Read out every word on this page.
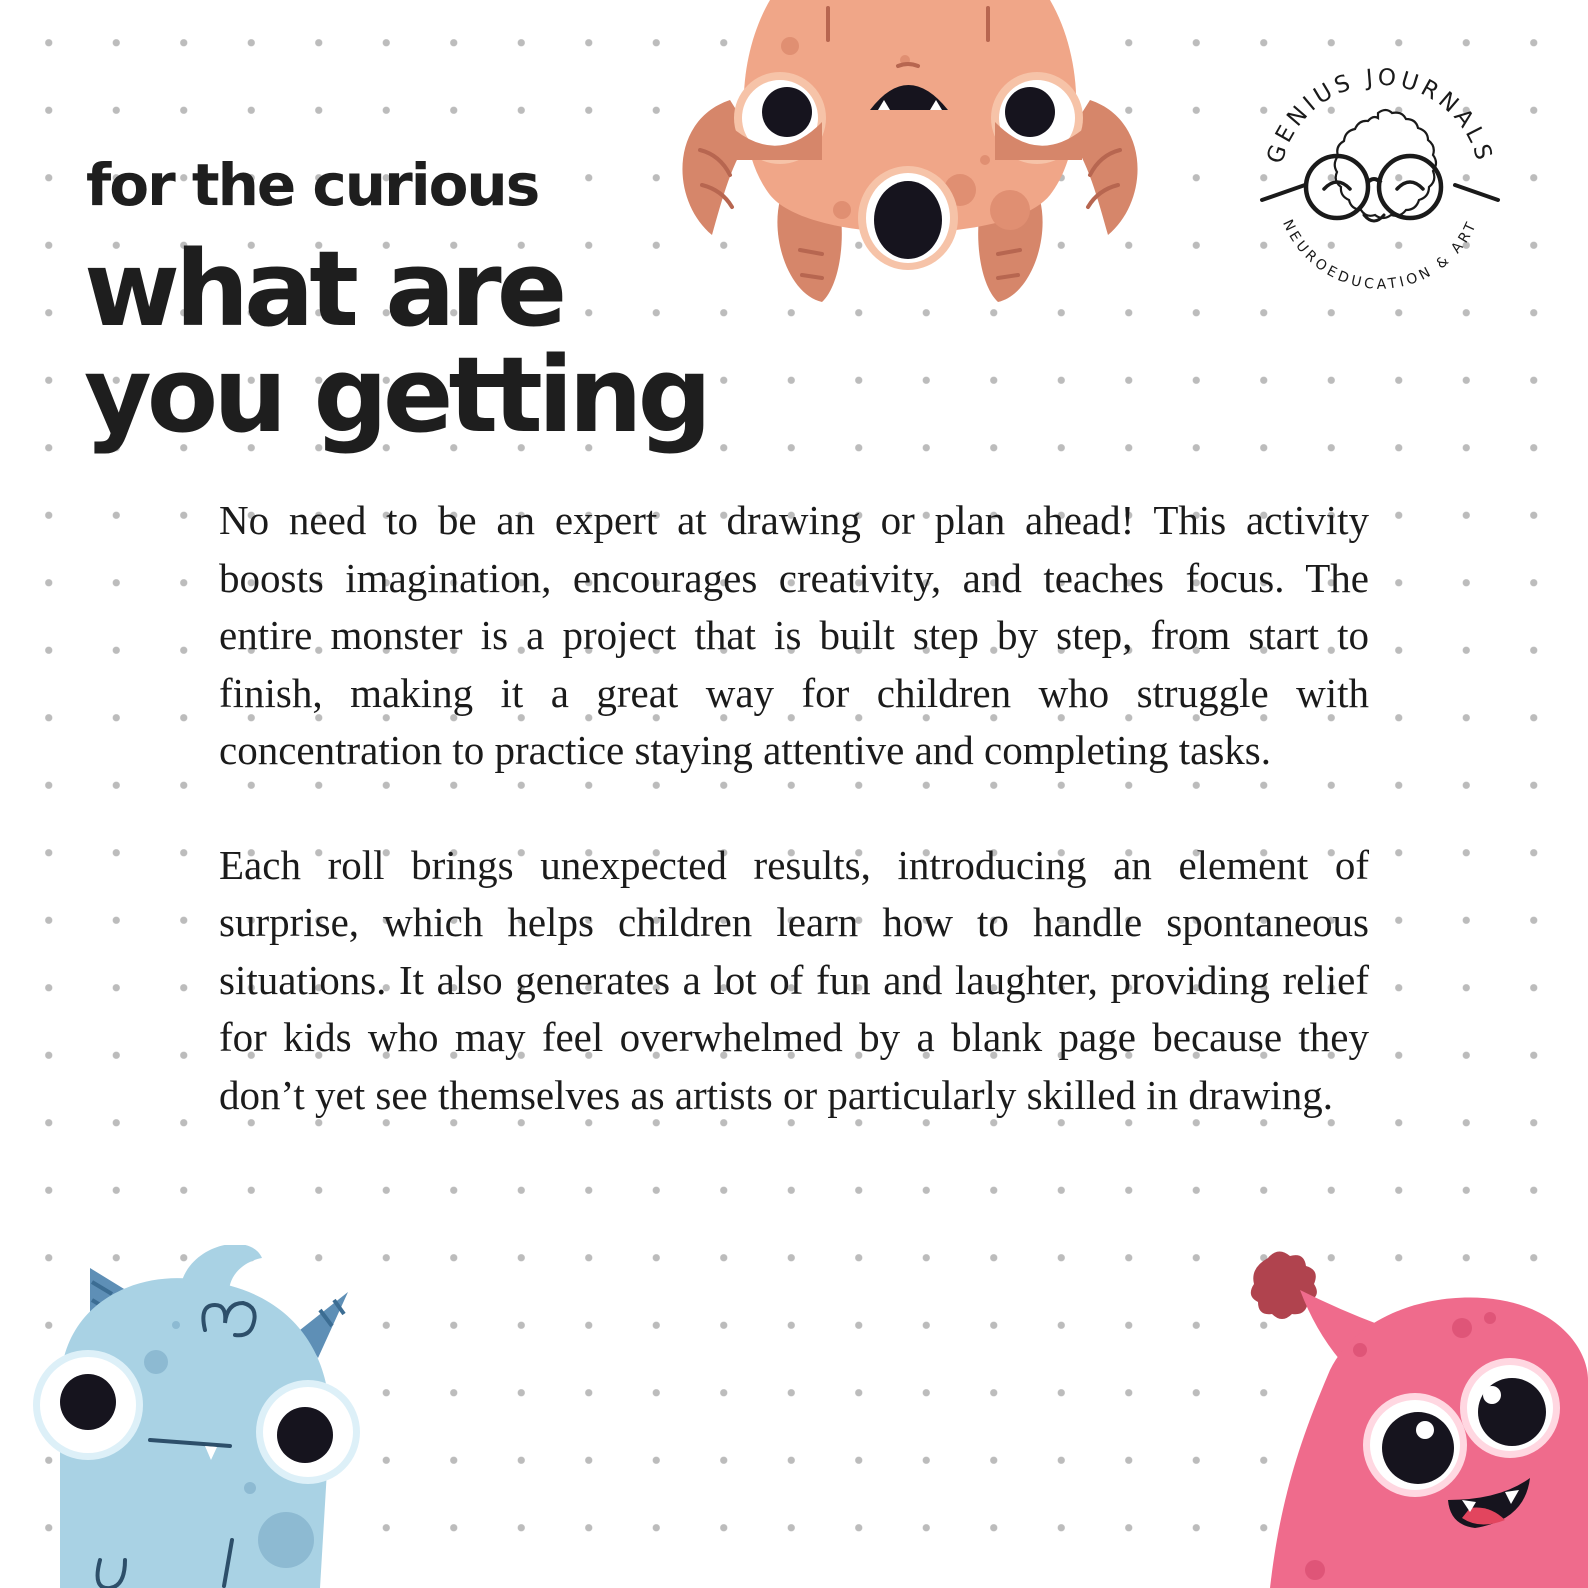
GENIUS JOURNALS
NEUROEDUCATION & ART
for the curious
what are
you getting

No need to be an expert at drawing or plan ahead! This activity boosts imagination, encourages creativity, and teaches focus. The entire monster is a project that is built step by step, from start to finish, making it a great way for children who struggle with concentration to practice staying attentive and completing tasks.

Each roll brings unexpected results, introducing an element of surprise, which helps children learn how to handle spontaneous situations. It also generates a lot of fun and laughter, providing relief for kids who may feel overwhelmed by a blank page because they don’t yet see themselves as artists or particularly skilled in drawing.
